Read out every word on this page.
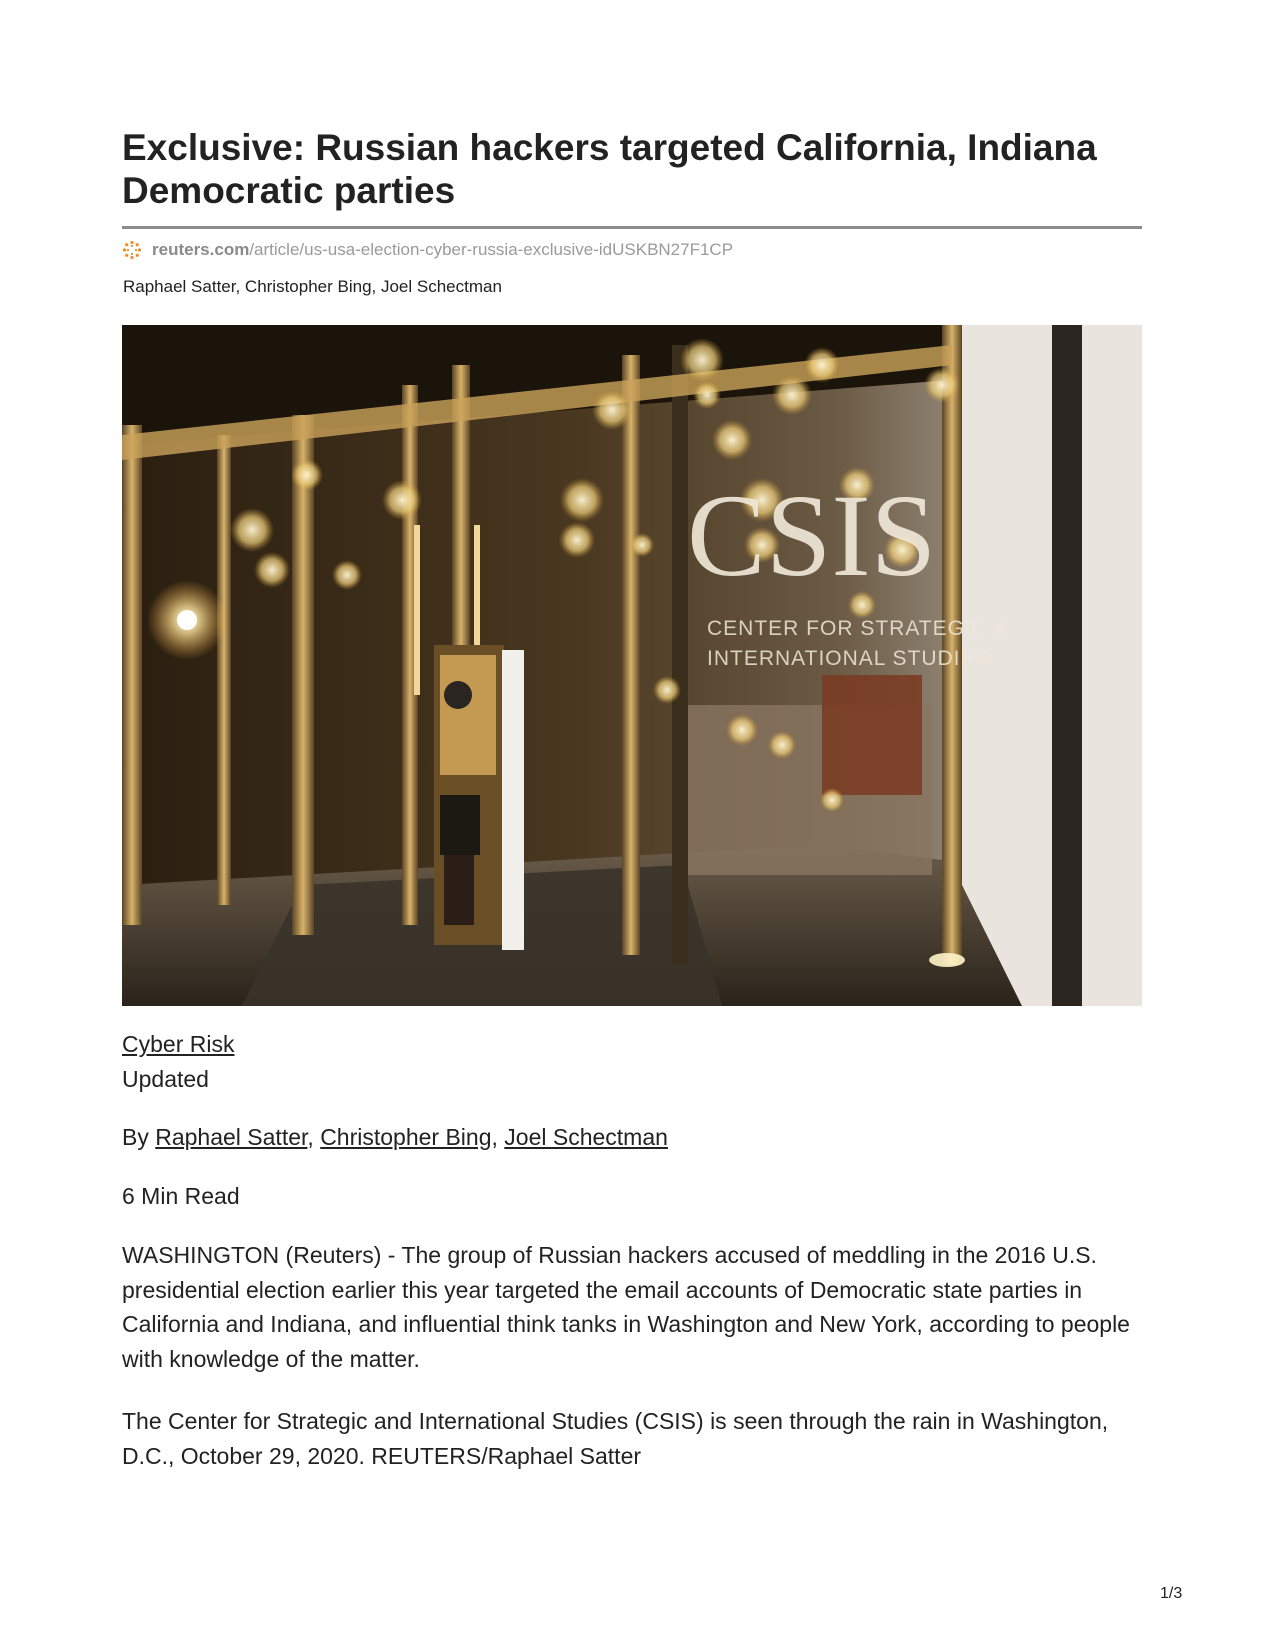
Exclusive: Russian hackers targeted California, Indiana Democratic parties
reuters.com /article/us-usa-election-cyber-russia-exclusive-idUSKBN27F1CP
Raphael Satter, Christopher Bing, Joel Schectman
CSIS
CENTER FOR STRATEGIC &
INTERNATIONAL STUDIES
Cyber Risk
Updated
By Raphael Satter, Christopher Bing, Joel Schectman
6 Min Read

WASHINGTON (Reuters) - The group of Russian hackers accused of meddling in the 2016 U.S. presidential election earlier this year targeted the email accounts of Democratic state parties in California and Indiana, and influential think tanks in Washington and New York, according to people with knowledge of the matter.

The Center for Strategic and International Studies (CSIS) is seen through the rain in Washington, D.C., October 29, 2020. REUTERS/Raphael Satter

1/3
